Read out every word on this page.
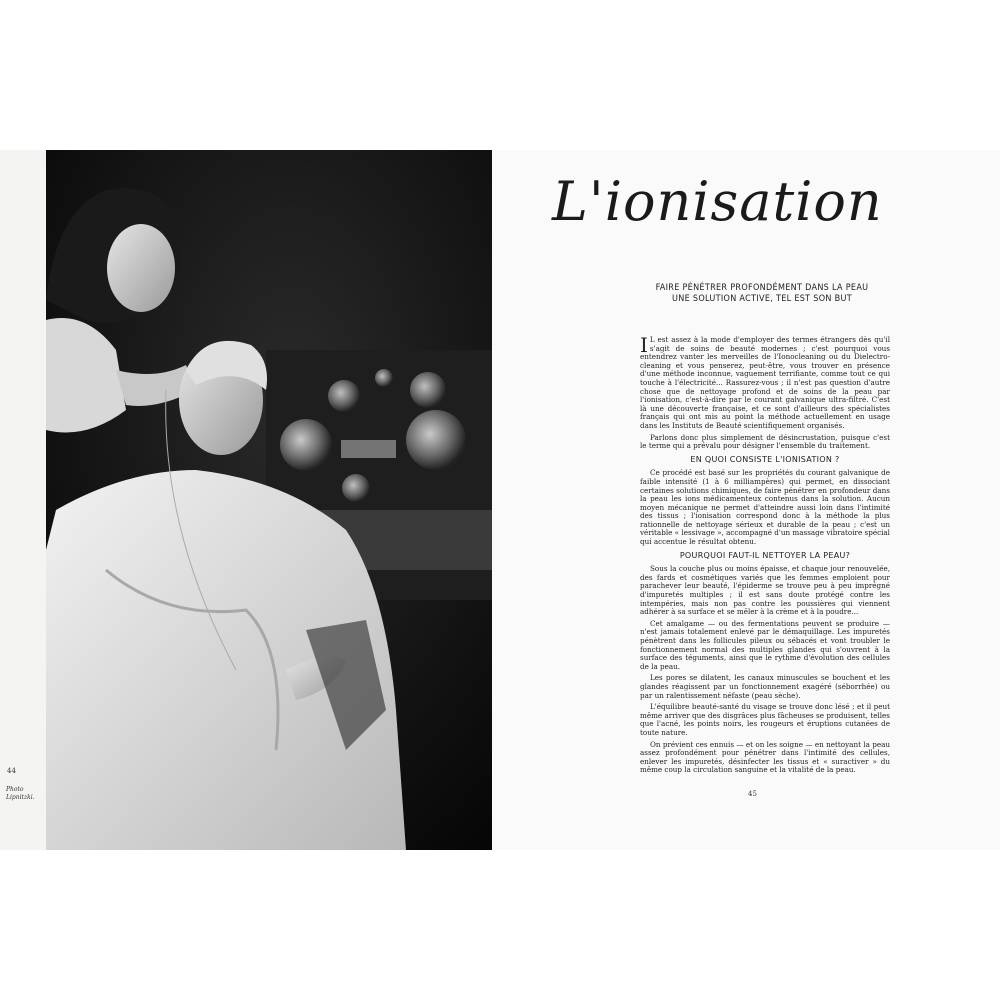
44
Photo Lipnitzki.
L'ionisation
FAIRE PÉNÉTRER PROFONDÉMENT DANS LA PEAU
UNE SOLUTION ACTIVE, TEL EST SON BUT

I L est assez à la mode d'employer des termes étrangers dès qu'il s'agit de soins de beauté modernes ; c'est pourquoi vous entendrez vanter les merveilles de l'Ionocleaning ou du Dielectro-cleaning et vous penserez, peut-être, vous trouver en présence d'une méthode inconnue, vaguement terrifiante, comme tout ce qui touche à l'électricité... Rassurez-vous ; il n'est pas question d'autre chose que de nettoyage profond et de soins de la peau par l'ionisation, c'est-à-dire par le courant galvanique ultra-filtré. C'est là une découverte française, et ce sont d'ailleurs des spécialistes français qui ont mis au point la méthode actuellement en usage dans les Instituts de Beauté scientifiquement organisés.

Parlons donc plus simplement de désincrustation, puisque c'est le terme qui a prévalu pour désigner l'ensemble du traitement.

EN QUOI CONSISTE L'IONISATION ?

Ce procédé est basé sur les propriétés du courant galvanique de faible intensité (1 à 6 milliampères) qui permet, en dissociant certaines solutions chimiques, de faire pénétrer en profondeur dans la peau les ions médicamenteux contenus dans la solution. Aucun moyen mécanique ne permet d'atteindre aussi loin dans l'intimité des tissus ; l'ionisation correspond donc à la méthode la plus rationnelle de nettoyage sérieux et durable de la peau ; c'est un véritable « lessivage », accompagné d'un massage vibratoire spécial qui accentue le résultat obtenu.

POURQUOI FAUT-IL NETTOYER LA PEAU?

Sous la couche plus ou moins épaisse, et chaque jour renouvelée, des fards et cosmétiques variés que les femmes emploient pour parachever leur beauté, l'épiderme se trouve peu à peu imprégné d'impuretés multiples ; il est sans doute protégé contre les intempéries, mais non pas contre les poussières qui viennent adhérer à sa surface et se mêler à la crème et à la poudre...

Cet amalgame — ou des fermentations peuvent se produire — n'est jamais totalement enlevé par le démaquillage. Les impuretés pénètrent dans les follicules pileux ou sébacés et vont troubler le fonctionnement normal des multiples glandes qui s'ouvrent à la surface des téguments, ainsi que le rythme d'évolution des cellules de la peau.

Les pores se dilatent, les canaux minuscules se bouchent et les glandes réagissent par un fonctionnement exagéré (séborrhée) ou par un ralentissement néfaste (peau sèche).

L'équilibre beauté-santé du visage se trouve donc lésé ; et il peut même arriver que des disgrâces plus fâcheuses se produisent, telles que l'acné, les points noirs, les rougeurs et éruptions cutanées de toute nature.

On prévient ces ennuis — et on les soigne — en nettoyant la peau assez profondément pour pénétrer dans l'intimité des cellules, enlever les impuretés, désinfecter les tissus et « suractiver » du même coup la circulation sanguine et la vitalité de la peau.

45
